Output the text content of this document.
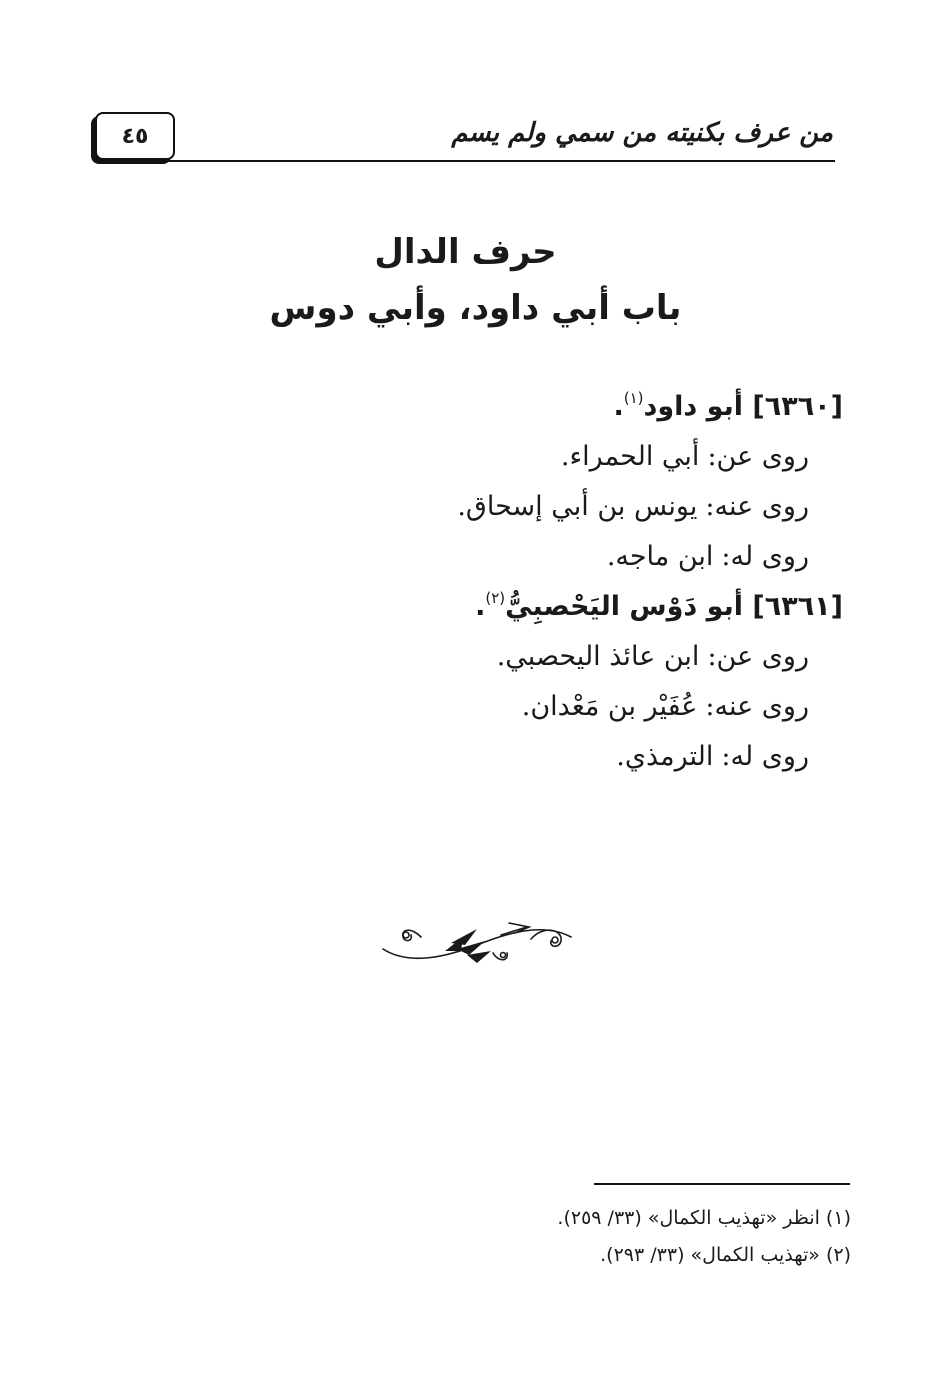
من عرف بكنيته من سمي ولم يسم
٤٥
حرف الدال
باب أبي داود، وأبي دوس
[٦٣٦٠] أبو داود$^{(١)}$.
روى عن:أبي الحمراء.
روى عنه:يونس بن أبي إسحاق.
روى له:ابن ماجه.
[٦٣٦١] أبو دَوْس اليَحْصبِيُّ$^{(٢)}$.
روى عن:ابن عائذ اليحصبي.
روى عنه:عُفَيْر بن مَعْدان.
روى له:الترمذي.
(١) انظر «تهذيب الكمال» (٣٣/ ٢٥٩).
(٢) «تهذيب الكمال» (٣٣/ ٢٩٣).
